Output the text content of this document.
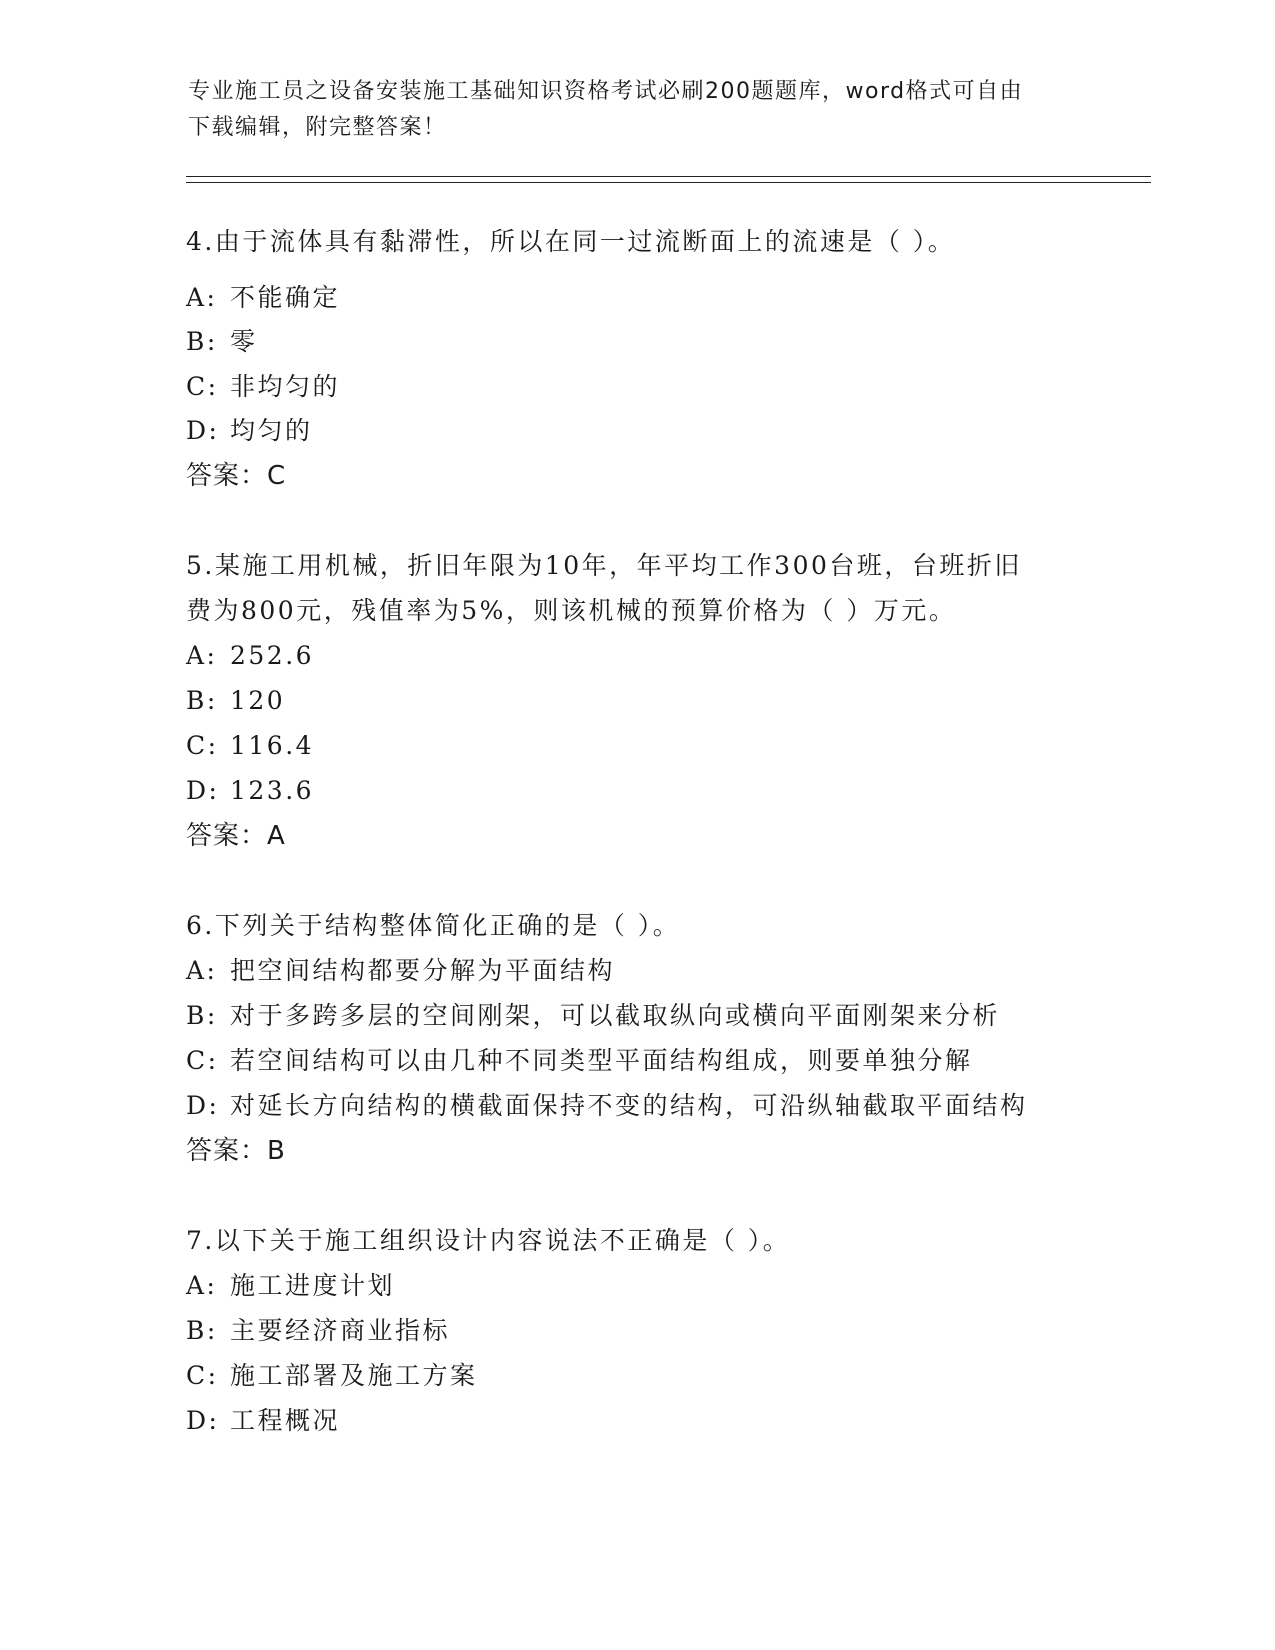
专业施工员之设备安装施工基础知识资格考试必刷200题题库，word格式可自由
下载编辑，附完整答案！
4.由于流体具有黏滞性，所以在同一过流断面上的流速是（ ）。
A: 不能确定
B: 零
C: 非均匀的
D: 均匀的
答案：C
5.某施工用机械，折旧年限为10年，年平均工作300台班，台班折旧
费为800元，残值率为5%，则该机械的预算价格为（ ）万元。
A: 252.6
B: 120
C: 116.4
D: 123.6
答案：A
6.下列关于结构整体简化正确的是（ ）。
A: 把空间结构都要分解为平面结构
B: 对于多跨多层的空间刚架，可以截取纵向或横向平面刚架来分析
C: 若空间结构可以由几种不同类型平面结构组成，则要单独分解
D: 对延长方向结构的横截面保持不变的结构，可沿纵轴截取平面结构
答案：B
7.以下关于施工组织设计内容说法不正确是（ ）。
A: 施工进度计划
B: 主要经济商业指标
C: 施工部署及施工方案
D: 工程概况
